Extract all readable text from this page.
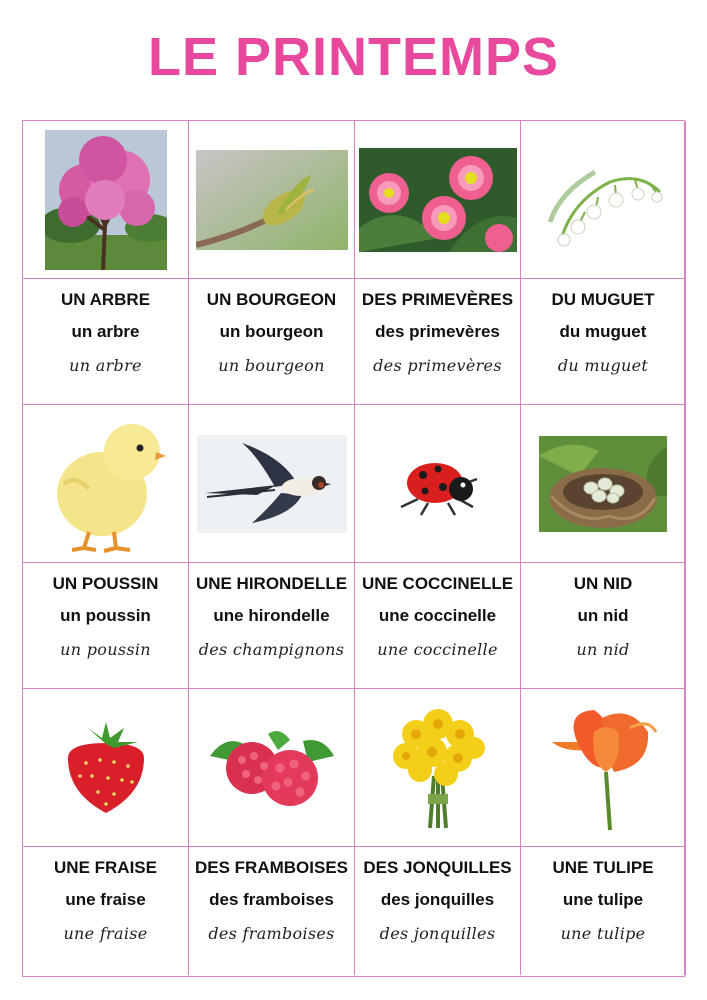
LE PRINTEMPS
UN ARBRE
un arbre
un arbre
UN BOURGEON
un bourgeon
un bourgeon
DES PRIMEVÈRES
des primevères
des primevères
DU MUGUET
du muguet
du muguet
UN POUSSIN
un poussin
un poussin
UNE HIRONDELLE
une hirondelle
des champignons
UNE COCCINELLE
une coccinelle
une coccinelle
UN NID
un nid
un nid
UNE FRAISE
une fraise
une fraise
DES FRAMBOISES
des framboises
des framboises
DES JONQUILLES
des jonquilles
des jonquilles
UNE TULIPE
une tulipe
une tulipe
